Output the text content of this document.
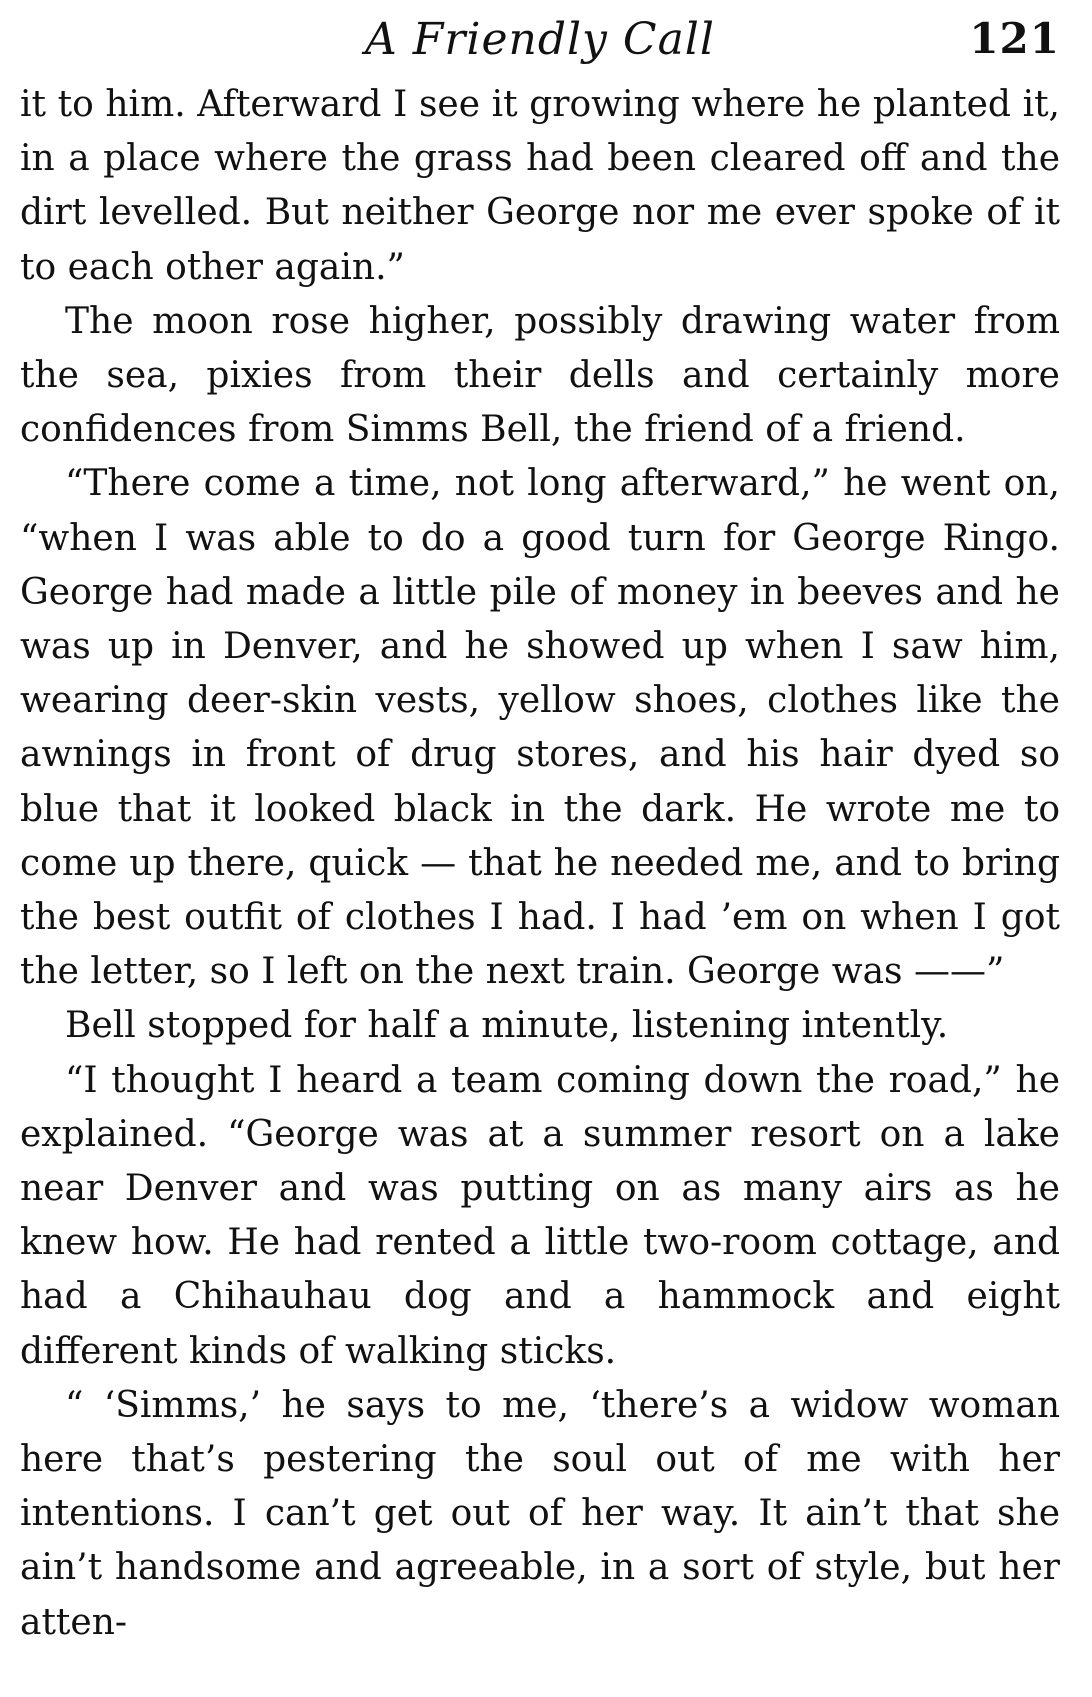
A Friendly Call	121

it to him. Afterward I see it growing where he planted it, in a place where the grass had been cleared off and the dirt levelled. But neither George nor me ever spoke of it to each other again.”

The moon rose higher, possibly drawing water from the sea, pixies from their dells and certainly more confidences from Simms Bell, the friend of a friend.

“There come a time, not long afterward,” he went on, “when I was able to do a good turn for George Ringo. George had made a little pile of money in beeves and he was up in Denver, and he showed up when I saw him, wearing deer-skin vests, yellow shoes, clothes like the awnings in front of drug stores, and his hair dyed so blue that it looked black in the dark. He wrote me to come up there, quick — that he needed me, and to bring the best outfit of clothes I had. I had ’em on when I got the letter, so I left on the next train. George was ——”

Bell stopped for half a minute, listening intently.

“I thought I heard a team coming down the road,” he explained. “George was at a summer resort on a lake near Denver and was putting on as many airs as he knew how. He had rented a little two-room cottage, and had a Chihauhau dog and a hammock and eight different kinds of walking sticks.

“ ‘Simms,’ he says to me, ‘there’s a widow woman here that’s pestering the soul out of me with her intentions. I can’t get out of her way. It ain’t that she ain’t handsome and agreeable, in a sort of style, but her atten-
